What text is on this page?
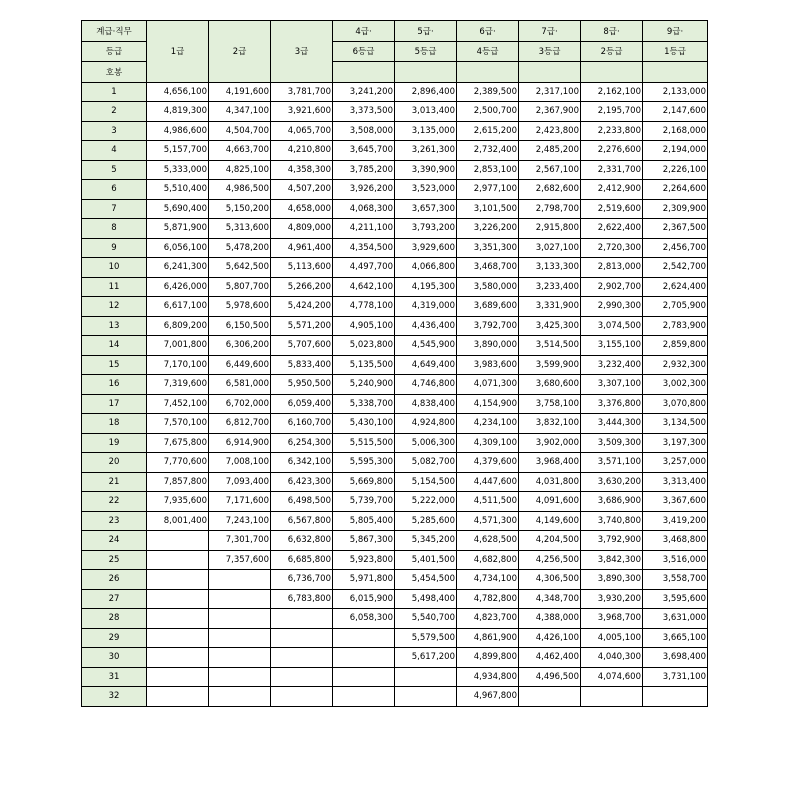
계급·직무	1급	2급	3급	4급·	5급·	6급·	7급·	8급·	9급·
등급				6등급	5등급	4등급	3등급	2등급	1등급
호봉									
1	4,656,100	4,191,600	3,781,700	3,241,200	2,896,400	2,389,500	2,317,100	2,162,100	2,133,000
2	4,819,300	4,347,100	3,921,600	3,373,500	3,013,400	2,500,700	2,367,900	2,195,700	2,147,600
3	4,986,600	4,504,700	4,065,700	3,508,000	3,135,000	2,615,200	2,423,800	2,233,800	2,168,000
4	5,157,700	4,663,700	4,210,800	3,645,700	3,261,300	2,732,400	2,485,200	2,276,600	2,194,000
5	5,333,000	4,825,100	4,358,300	3,785,200	3,390,900	2,853,100	2,567,100	2,331,700	2,226,100
6	5,510,400	4,986,500	4,507,200	3,926,200	3,523,000	2,977,100	2,682,600	2,412,900	2,264,600
7	5,690,400	5,150,200	4,658,000	4,068,300	3,657,300	3,101,500	2,798,700	2,519,600	2,309,900
8	5,871,900	5,313,600	4,809,000	4,211,100	3,793,200	3,226,200	2,915,800	2,622,400	2,367,500
9	6,056,100	5,478,200	4,961,400	4,354,500	3,929,600	3,351,300	3,027,100	2,720,300	2,456,700
10	6,241,300	5,642,500	5,113,600	4,497,700	4,066,800	3,468,700	3,133,300	2,813,000	2,542,700
11	6,426,000	5,807,700	5,266,200	4,642,100	4,195,300	3,580,000	3,233,400	2,902,700	2,624,400
12	6,617,100	5,978,600	5,424,200	4,778,100	4,319,000	3,689,600	3,331,900	2,990,300	2,705,900
13	6,809,200	6,150,500	5,571,200	4,905,100	4,436,400	3,792,700	3,425,300	3,074,500	2,783,900
14	7,001,800	6,306,200	5,707,600	5,023,800	4,545,900	3,890,000	3,514,500	3,155,100	2,859,800
15	7,170,100	6,449,600	5,833,400	5,135,500	4,649,400	3,983,600	3,599,900	3,232,400	2,932,300
16	7,319,600	6,581,000	5,950,500	5,240,900	4,746,800	4,071,300	3,680,600	3,307,100	3,002,300
17	7,452,100	6,702,000	6,059,400	5,338,700	4,838,400	4,154,900	3,758,100	3,376,800	3,070,800
18	7,570,100	6,812,700	6,160,700	5,430,100	4,924,800	4,234,100	3,832,100	3,444,300	3,134,500
19	7,675,800	6,914,900	6,254,300	5,515,500	5,006,300	4,309,100	3,902,000	3,509,300	3,197,300
20	7,770,600	7,008,100	6,342,100	5,595,300	5,082,700	4,379,600	3,968,400	3,571,100	3,257,000
21	7,857,800	7,093,400	6,423,300	5,669,800	5,154,500	4,447,600	4,031,800	3,630,200	3,313,400
22	7,935,600	7,171,600	6,498,500	5,739,700	5,222,000	4,511,500	4,091,600	3,686,900	3,367,600
23	8,001,400	7,243,100	6,567,800	5,805,400	5,285,600	4,571,300	4,149,600	3,740,800	3,419,200
24		7,301,700	6,632,800	5,867,300	5,345,200	4,628,500	4,204,500	3,792,900	3,468,800
25		7,357,600	6,685,800	5,923,800	5,401,500	4,682,800	4,256,500	3,842,300	3,516,000
26			6,736,700	5,971,800	5,454,500	4,734,100	4,306,500	3,890,300	3,558,700
27			6,783,800	6,015,900	5,498,400	4,782,800	4,348,700	3,930,200	3,595,600
28				6,058,300	5,540,700	4,823,700	4,388,000	3,968,700	3,631,000
29					5,579,500	4,861,900	4,426,100	4,005,100	3,665,100
30					5,617,200	4,899,800	4,462,400	4,040,300	3,698,400
31						4,934,800	4,496,500	4,074,600	3,731,100
32						4,967,800			
